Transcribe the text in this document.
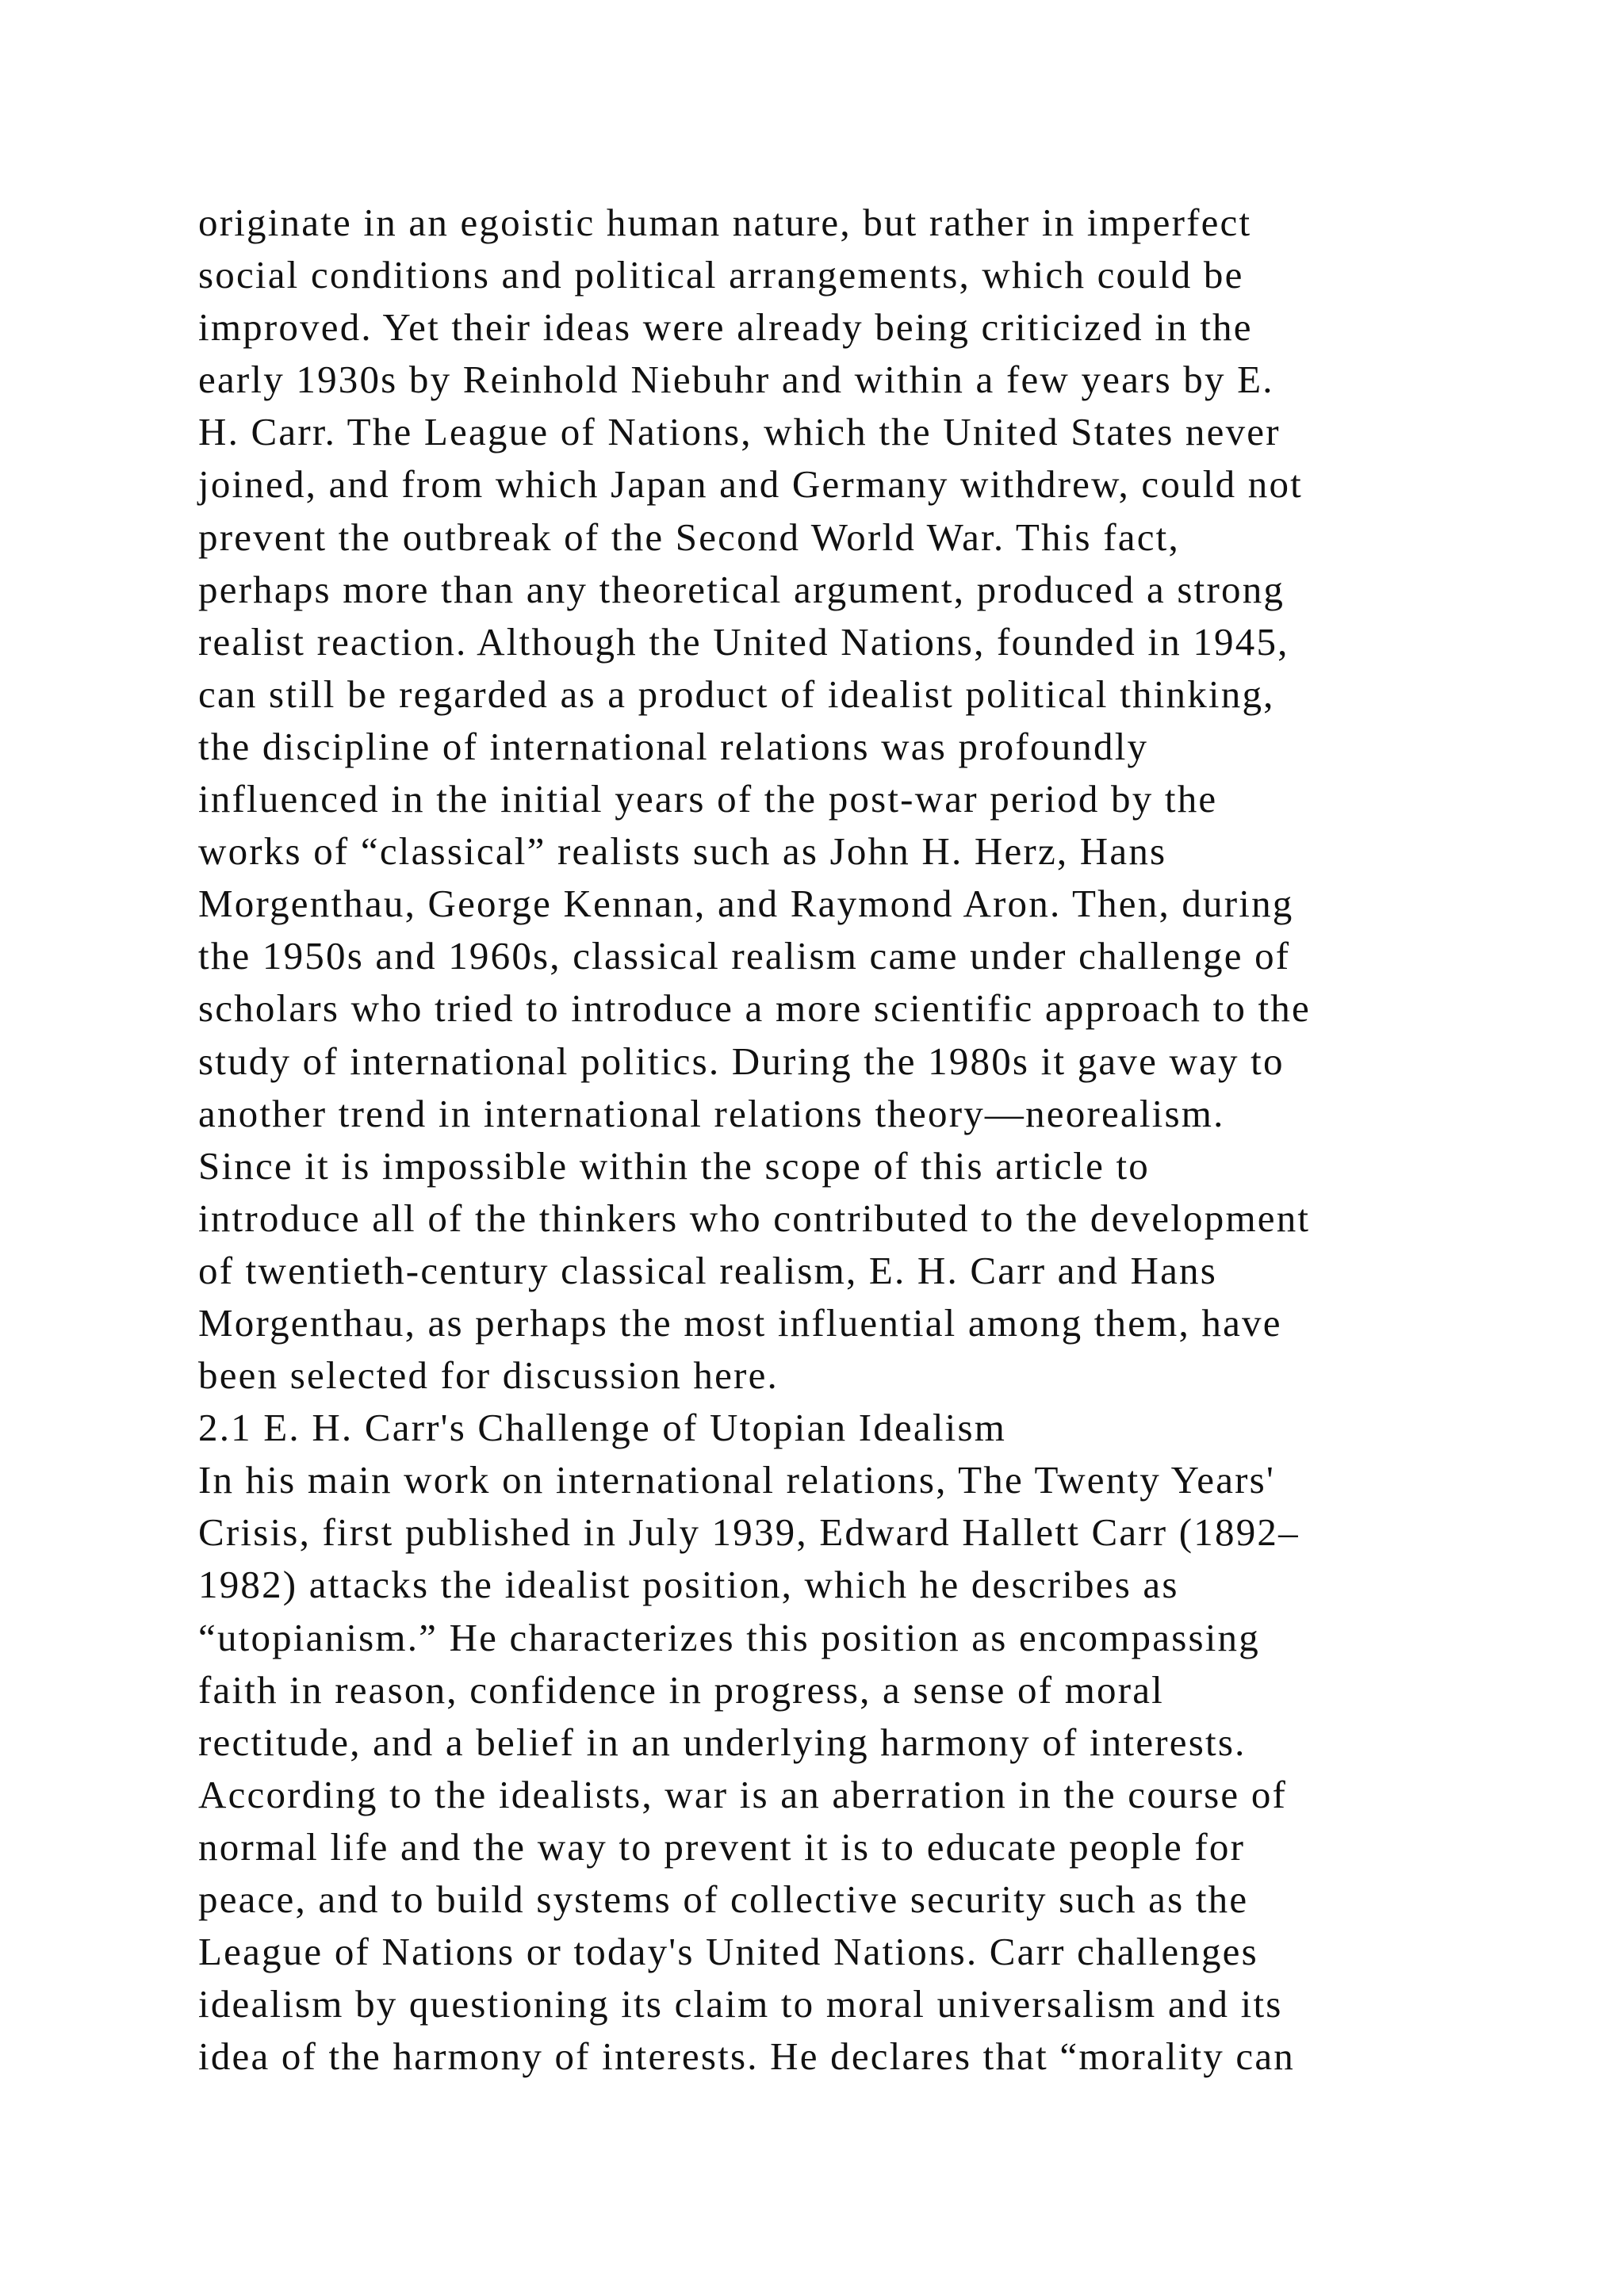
originate in an egoistic human nature, but rather in imperfect
social conditions and political arrangements, which could be
improved. Yet their ideas were already being criticized in the
early 1930s by Reinhold Niebuhr and within a few years by E.
H. Carr. The League of Nations, which the United States never
joined, and from which Japan and Germany withdrew, could not
prevent the outbreak of the Second World War. This fact,
perhaps more than any theoretical argument, produced a strong
realist reaction. Although the United Nations, founded in 1945,
can still be regarded as a product of idealist political thinking,
the discipline of international relations was profoundly
influenced in the initial years of the post-war period by the
works of “classical” realists such as John H. Herz, Hans
Morgenthau, George Kennan, and Raymond Aron. Then, during
the 1950s and 1960s, classical realism came under challenge of
scholars who tried to introduce a more scientific approach to the
study of international politics. During the 1980s it gave way to
another trend in international relations theory—neorealism.
Since it is impossible within the scope of this article to
introduce all of the thinkers who contributed to the development
of twentieth-century classical realism, E. H. Carr and Hans
Morgenthau, as perhaps the most influential among them, have
been selected for discussion here.
2.1 E. H. Carr's Challenge of Utopian Idealism
In his main work on international relations, The Twenty Years'
Crisis, first published in July 1939, Edward Hallett Carr (1892–
1982) attacks the idealist position, which he describes as
“utopianism.” He characterizes this position as encompassing
faith in reason, confidence in progress, a sense of moral
rectitude, and a belief in an underlying harmony of interests.
According to the idealists, war is an aberration in the course of
normal life and the way to prevent it is to educate people for
peace, and to build systems of collective security such as the
League of Nations or today's United Nations. Carr challenges
idealism by questioning its claim to moral universalism and its
idea of the harmony of interests. He declares that “morality can
